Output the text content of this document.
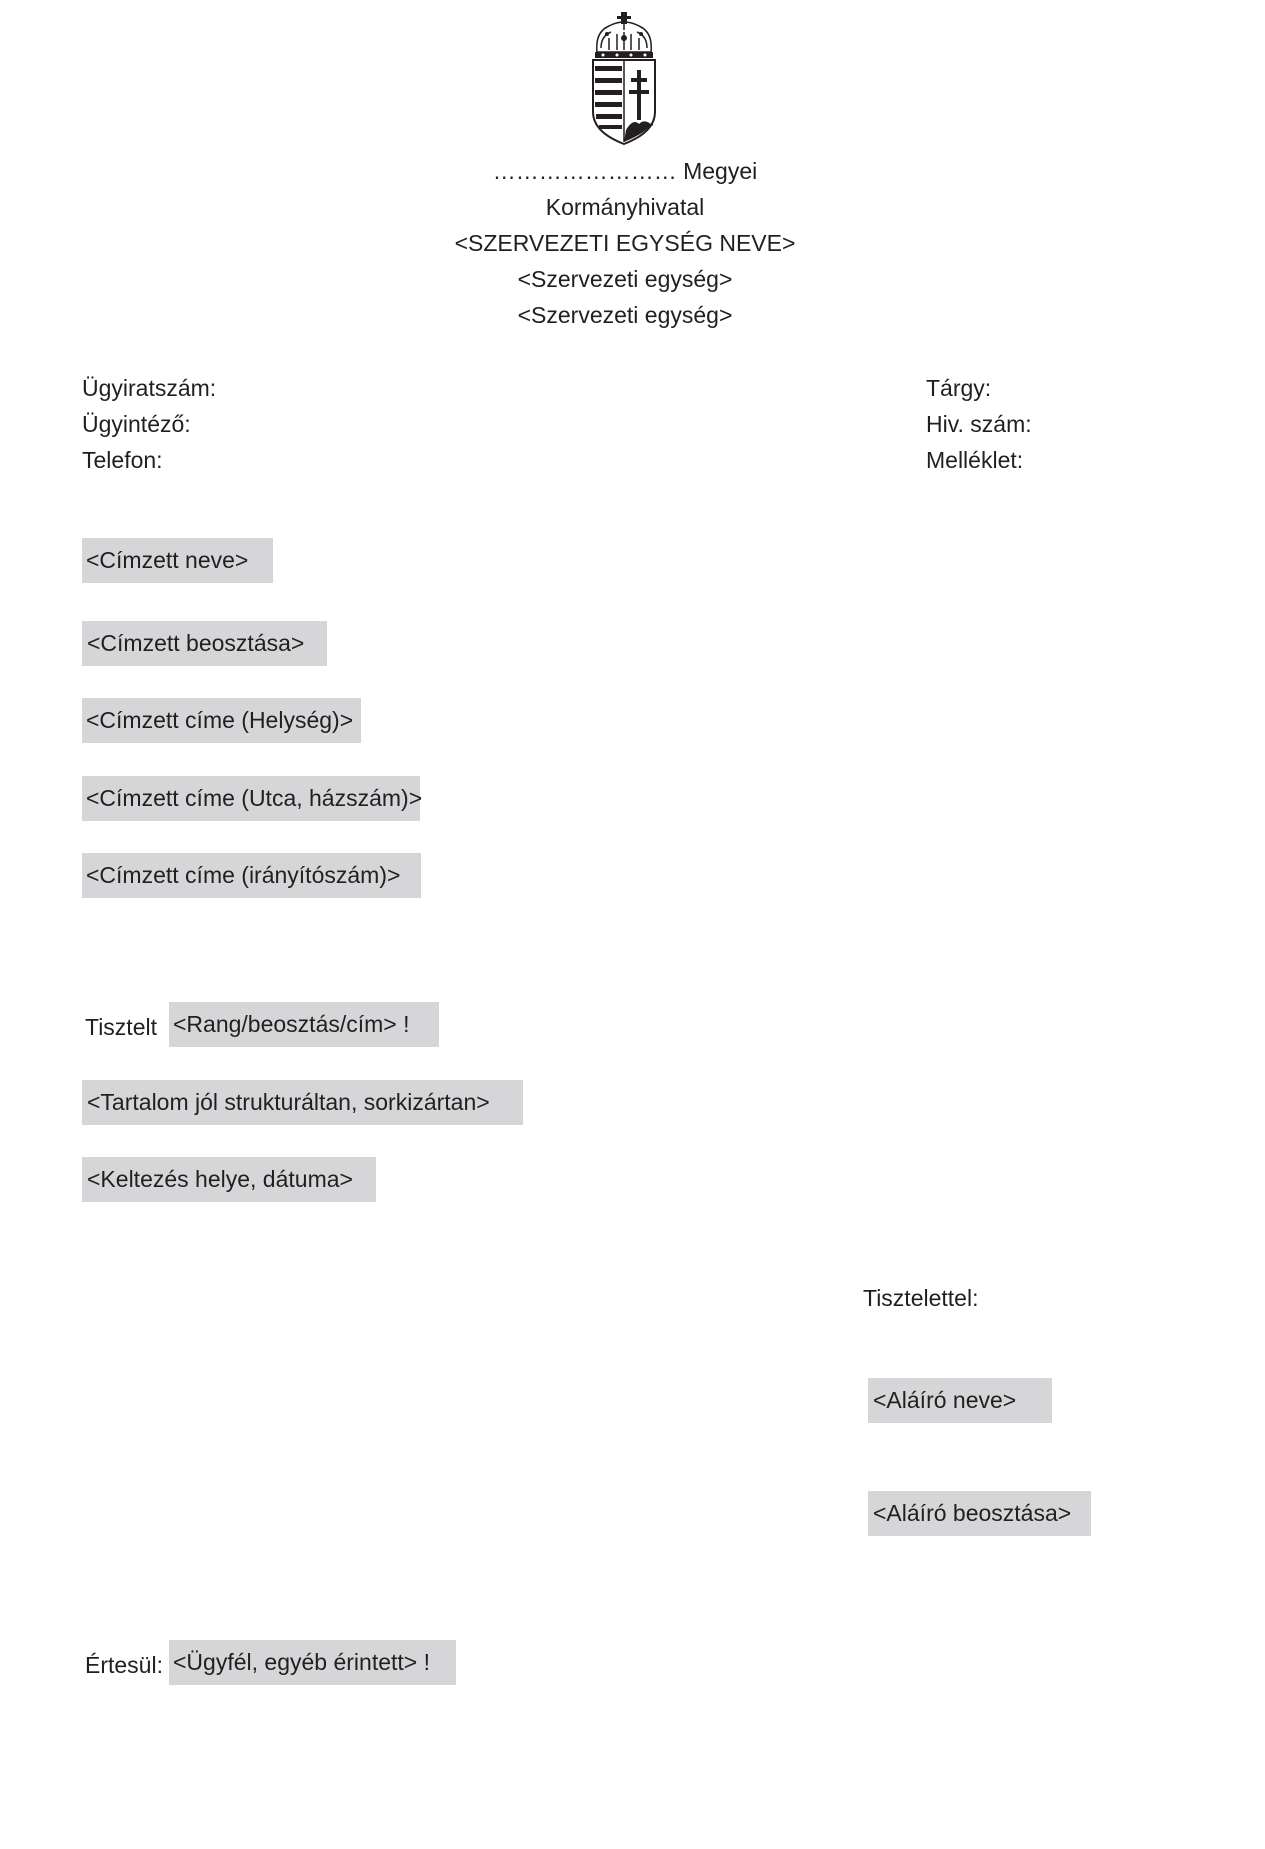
…………………… Megyei
Kormányhivatal
<SZERVEZETI EGYSÉG NEVE>
<Szervezeti egység>
<Szervezeti egység>
Ügyiratszám:
Ügyintéző:
Telefon:
Tárgy:
Hiv. szám:
Melléklet:
<Címzett neve>
<Címzett beosztása>
<Címzett címe (Helység)>
<Címzett címe (Utca, házszám)>
<Címzett címe (irányítószám)>
Tisztelt <Rang/beosztás/cím> !
<Tartalom jól strukturáltan, sorkizártan>
<Keltezés helye, dátuma>
Tisztelettel:
<Aláíró neve>
<Aláíró beosztása>
Értesül: <Ügyfél, egyéb érintett> !
